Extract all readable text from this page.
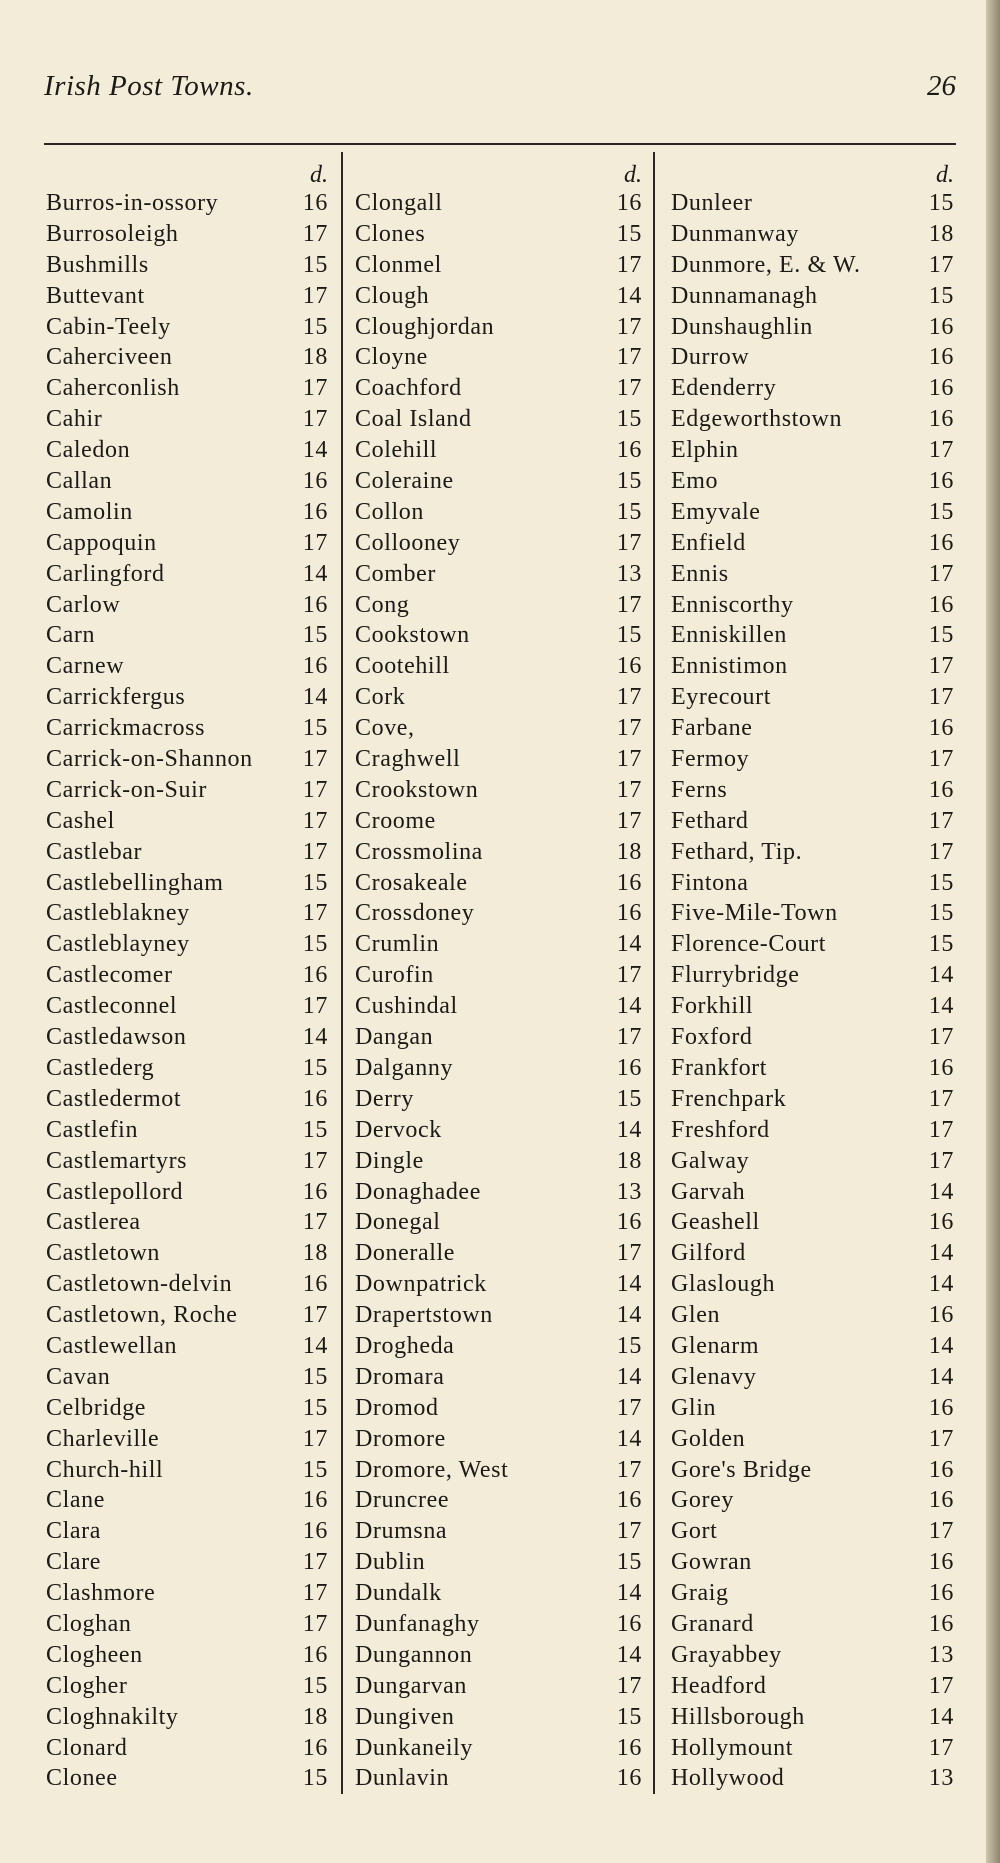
Irish Post Towns.	26
d.
Burros-in-ossory	16
Burrosoleigh	17
Bushmills	15
Buttevant	17
Cabin-Teely	15
Caherciveen	18
Caherconlish	17
Cahir	17
Caledon	14
Callan	16
Camolin	16
Cappoquin	17
Carlingford	14
Carlow	16
Carn	15
Carnew	16
Carrickfergus	14
Carrickmacross	15
Carrick-on-Shannon	17
Carrick-on-Suir	17
Cashel	17
Castlebar	17
Castlebellingham	15
Castleblakney	17
Castleblayney	15
Castlecomer	16
Castleconnel	17
Castledawson	14
Castlederg	15
Castledermot	16
Castlefin	15
Castlemartyrs	17
Castlepollord	16
Castlerea	17
Castletown	18
Castletown-delvin	16
Castletown, Roche	17
Castlewellan	14
Cavan	15
Celbridge	15
Charleville	17
Church-hill	15
Clane	16
Clara	16
Clare	17
Clashmore	17
Cloghan	17
Clogheen	16
Clogher	15
Cloghnakilty	18
Clonard	16
Clonee	15
d.
Clongall	16
Clones	15
Clonmel	17
Clough	14
Cloughjordan	17
Cloyne	17
Coachford	17
Coal Island	15
Colehill	16
Coleraine	15
Collon	15
Collooney	17
Comber	13
Cong	17
Cookstown	15
Cootehill	16
Cork	17
Cove,	17
Craghwell	17
Crookstown	17
Croome	17
Crossmolina	18
Crosakeale	16
Crossdoney	16
Crumlin	14
Curofin	17
Cushindal	14
Dangan	17
Dalganny	16
Derry	15
Dervock	14
Dingle	18
Donaghadee	13
Donegal	16
Doneralle	17
Downpatrick	14
Drapertstown	14
Drogheda	15
Dromara	14
Dromod	17
Dromore	14
Dromore, West	17
Druncree	16
Drumsna	17
Dublin	15
Dundalk	14
Dunfanaghy	16
Dungannon	14
Dungarvan	17
Dungiven	15
Dunkaneily	16
Dunlavin	16
d.
Dunleer	15
Dunmanway	18
Dunmore, E. & W.	17
Dunnamanagh	15
Dunshaughlin	16
Durrow	16
Edenderry	16
Edgeworthstown	16
Elphin	17
Emo	16
Emyvale	15
Enfield	16
Ennis	17
Enniscorthy	16
Enniskillen	15
Ennistimon	17
Eyrecourt	17
Farbane	16
Fermoy	17
Ferns	16
Fethard	17
Fethard, Tip.	17
Fintona	15
Five-Mile-Town	15
Florence-Court	15
Flurrybridge	14
Forkhill	14
Foxford	17
Frankfort	16
Frenchpark	17
Freshford	17
Galway	17
Garvah	14
Geashell	16
Gilford	14
Glaslough	14
Glen	16
Glenarm	14
Glenavy	14
Glin	16
Golden	17
Gore's Bridge	16
Gorey	16
Gort	17
Gowran	16
Graig	16
Granard	16
Grayabbey	13
Headford	17
Hillsborough	14
Hollymount	17
Hollywood	13
